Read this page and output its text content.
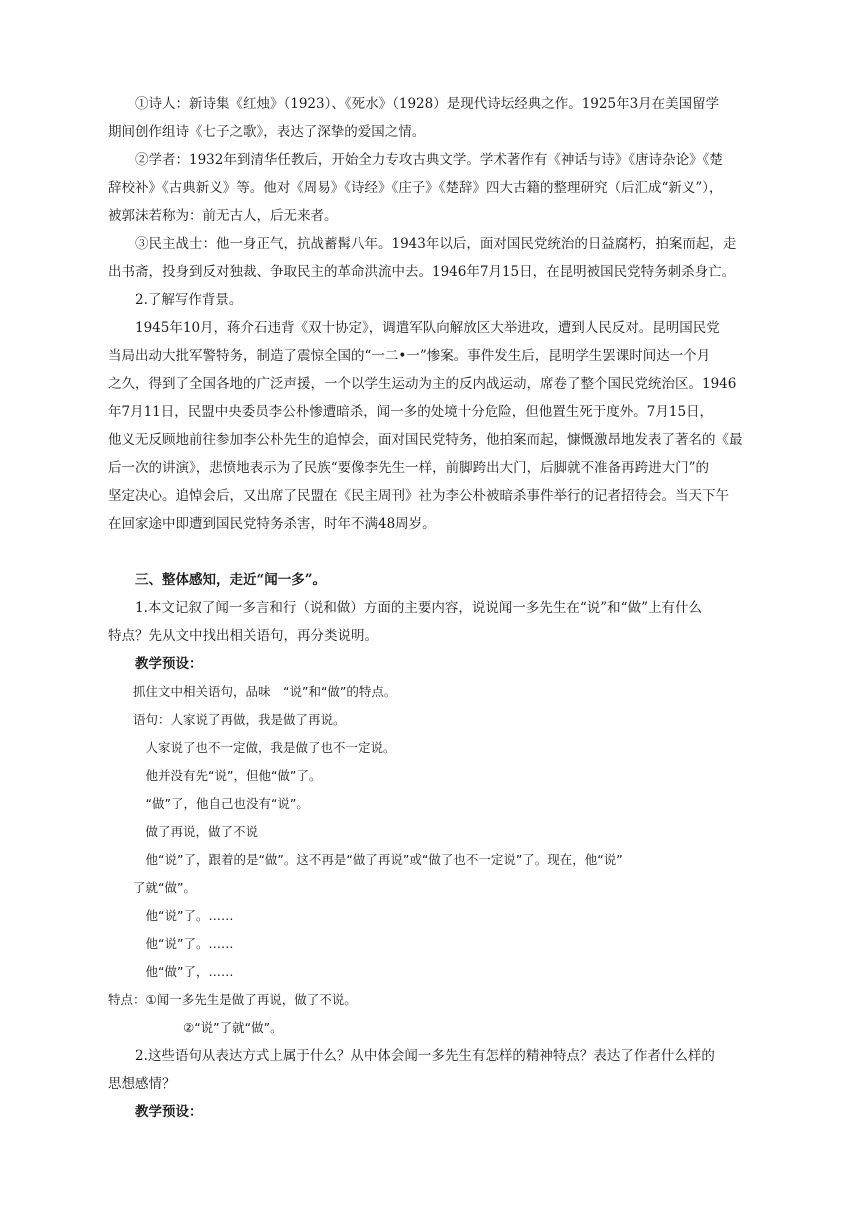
　　①诗人：新诗集《红烛》（1923）、《死水》（1928）是现代诗坛经典之作。1925年3月在美国留学
期间创作组诗《七子之歌》，表达了深挚的爱国之情。
　　②学者：1932年到清华任教后，开始全力专攻古典文学。学术著作有《神话与诗》《唐诗杂论》《楚
辞校补》《古典新义》等。他对《周易》《诗经》《庄子》《楚辞》四大古籍的整理研究（后汇成“新义”），
被郭沫若称为：前无古人，后无来者。
　　③民主战士：他一身正气，抗战蓄髯八年。1943年以后，面对国民党统治的日益腐朽，拍案而起，走
出书斋，投身到反对独裁、争取民主的革命洪流中去。1946年7月15日，在昆明被国民党特务刺杀身亡。
　　2.了解写作背景。
　　1945年10月，蒋介石违背《双十协定》，调遣军队向解放区大举进攻，遭到人民反对。昆明国民党
当局出动大批军警特务，制造了震惊全国的“一二•一”惨案。事件发生后，昆明学生罢课时间达一个月
之久，得到了全国各地的广泛声援，一个以学生运动为主的反内战运动，席卷了整个国民党统治区。1946
年7月11日，民盟中央委员李公朴惨遭暗杀，闻一多的处境十分危险，但他置生死于度外。7月15日，
他义无反顾地前往参加李公朴先生的追悼会，面对国民党特务，他拍案而起，慷慨激昂地发表了著名的《最
后一次的讲演》，悲愤地表示为了民族“要像李先生一样，前脚跨出大门，后脚就不准备再跨进大门”的
坚定决心。追悼会后，又出席了民盟在《民主周刊》社为李公朴被暗杀事件举行的记者招待会。当天下午
在回家途中即遭到国民党特务杀害，时年不满48周岁。
　　三、整体感知，走近“闻一多”。
　　1.本文记叙了闻一多言和行（说和做）方面的主要内容，说说闻一多先生在“说”和“做”上有什么
特点？先从文中找出相关语句，再分类说明。
　　教学预设：
　　抓住文中相关语句，品味　“说”和“做”的特点。
　　语句：人家说了再做，我是做了再说。
　　　人家说了也不一定做，我是做了也不一定说。
　　　他并没有先“说”，但他“做”了。
　　　“做”了，他自己也没有“说”。
　　　做了再说，做了不说
　　　他“说”了，跟着的是“做”。这不再是“做了再说”或“做了也不一定说”了。现在，他“说”
　　了就“做”。
　　　他“说”了。……
　　　他“说”了。……
　　　他“做”了，……
特点：①闻一多先生是做了再说，做了不说。
　　　　　　②“说”了就“做”。
　　2.这些语句从表达方式上属于什么？从中体会闻一多先生有怎样的精神特点？表达了作者什么样的
思想感情？
　　教学预设：
